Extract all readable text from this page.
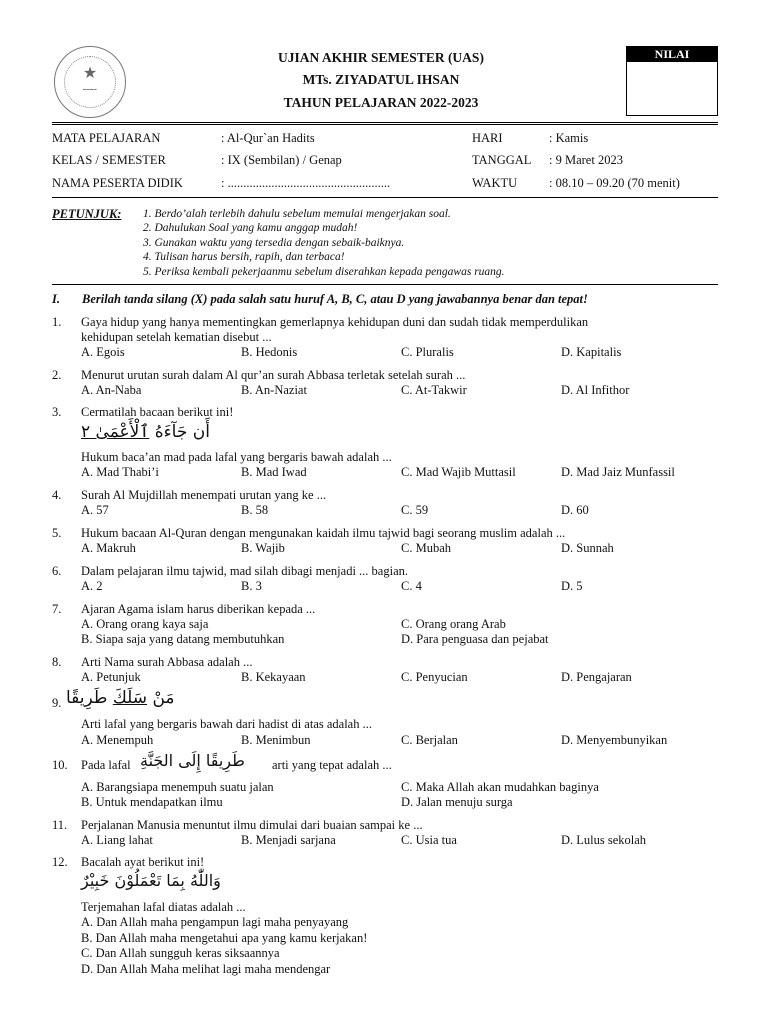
★
━━━━
UJIAN AKHIR SEMESTER (UAS)
MTs. ZIYADATUL IHSAN
TAHUN PELAJARAN 2022-2023
NILAI
MATA PELAJARAN	: Al-Qur`an Hadits
KELAS / SEMESTER	: IX (Sembilan) / Genap
NAMA PESERTA DIDIK	: ....................................................
HARI	: Kamis
TANGGAL : 9 Maret 2023
WAKTU	: 08.10 – 09.20 (70 menit)
PETUNJUK: 1. Berdo’alah terlebih dahulu sebelum memulai mengerjakan soal.
2. Dahulukan Soal yang kamu anggap mudah!
3. Gunakan waktu yang tersedia dengan sebaik-baiknya.
4. Tulisan harus bersih, rapih, dan terbaca!
5. Periksa kembali pekerjaanmu sebelum diserahkan kepada pengawas ruang.
I. Berilah tanda silang (X) pada salah satu huruf A, B, C, atau D yang jawabannya benar dan tepat!
1. Gaya hidup yang hanya mementingkan gemerlapnya kehidupan duni dan sudah tidak memperdulikan
kehidupan setelah kematian disebut ...
A. Egois	B. Hedonis	C. Pluralis	D. Kapitalis
2. Menurut urutan surah dalam Al qur’an surah Abbasa terletak setelah surah ...
A. An-Naba	B. An-Naziat	C. At-Takwir	D. Al Infithor
3. Cermatilah bacaan berikut ini!
أَن جَآءَهُ ٱلْأَعْمَىٰ ٢
Hukum baca’an mad pada lafal yang bergaris bawah adalah ...
A. Mad Thabi’i	B. Mad Iwad	C. Mad Wajib Muttasil	D. Mad Jaiz Munfassil
4. Surah Al Mujdillah menempati urutan yang ke ...
A. 57	B. 58	C. 59	D. 60
5. Hukum bacaan Al-Quran dengan mengunakan kaidah ilmu tajwid bagi seorang muslim adalah ...
A. Makruh	B. Wajib	C. Mubah	D. Sunnah
6. Dalam pelajaran ilmu tajwid, mad silah dibagi menjadi ... bagian.
A. 2	B. 3	C. 4	D. 5
7. Ajaran Agama islam harus diberikan kepada ...
A. Orang orang kaya saja	C. Orang orang Arab
B. Siapa saja yang datang membutuhkan	D. Para penguasa dan pejabat
8. Arti Nama surah Abbasa adalah ...
A. Petunjuk	B. Kekayaan	C. Penyucian	D. Pengajaran
9.	مَنْ سَلَكَ طَرِيقًا
Arti lafal yang bergaris bawah dari hadist di atas adalah ...
A. Menempuh	B. Menimbun	C. Berjalan	D. Menyembunyikan
10. Pada lafal طَرِيقًا إِلَى الجَنَّةِ arti yang tepat adalah ...
A. Barangsiapa menempuh suatu jalan	C. Maka Allah akan mudahkan baginya
B. Untuk mendapatkan ilmu	D. Jalan menuju surga
11. Perjalanan Manusia menuntut ilmu dimulai dari buaian sampai ke ...
A. Liang lahat	B. Menjadi sarjana	C. Usia tua	D. Lulus sekolah
12. Bacalah ayat berikut ini!
وَاللّٰهُ بِمَا تَعْمَلُوْنَ خَبِيْرٌ
Terjemahan lafal diatas adalah ...
A. Dan Allah maha pengampun lagi maha penyayang
B. Dan Allah maha mengetahui apa yang kamu kerjakan!
C. Dan Allah sungguh keras siksaannya
D. Dan Allah Maha melihat lagi maha mendengar
